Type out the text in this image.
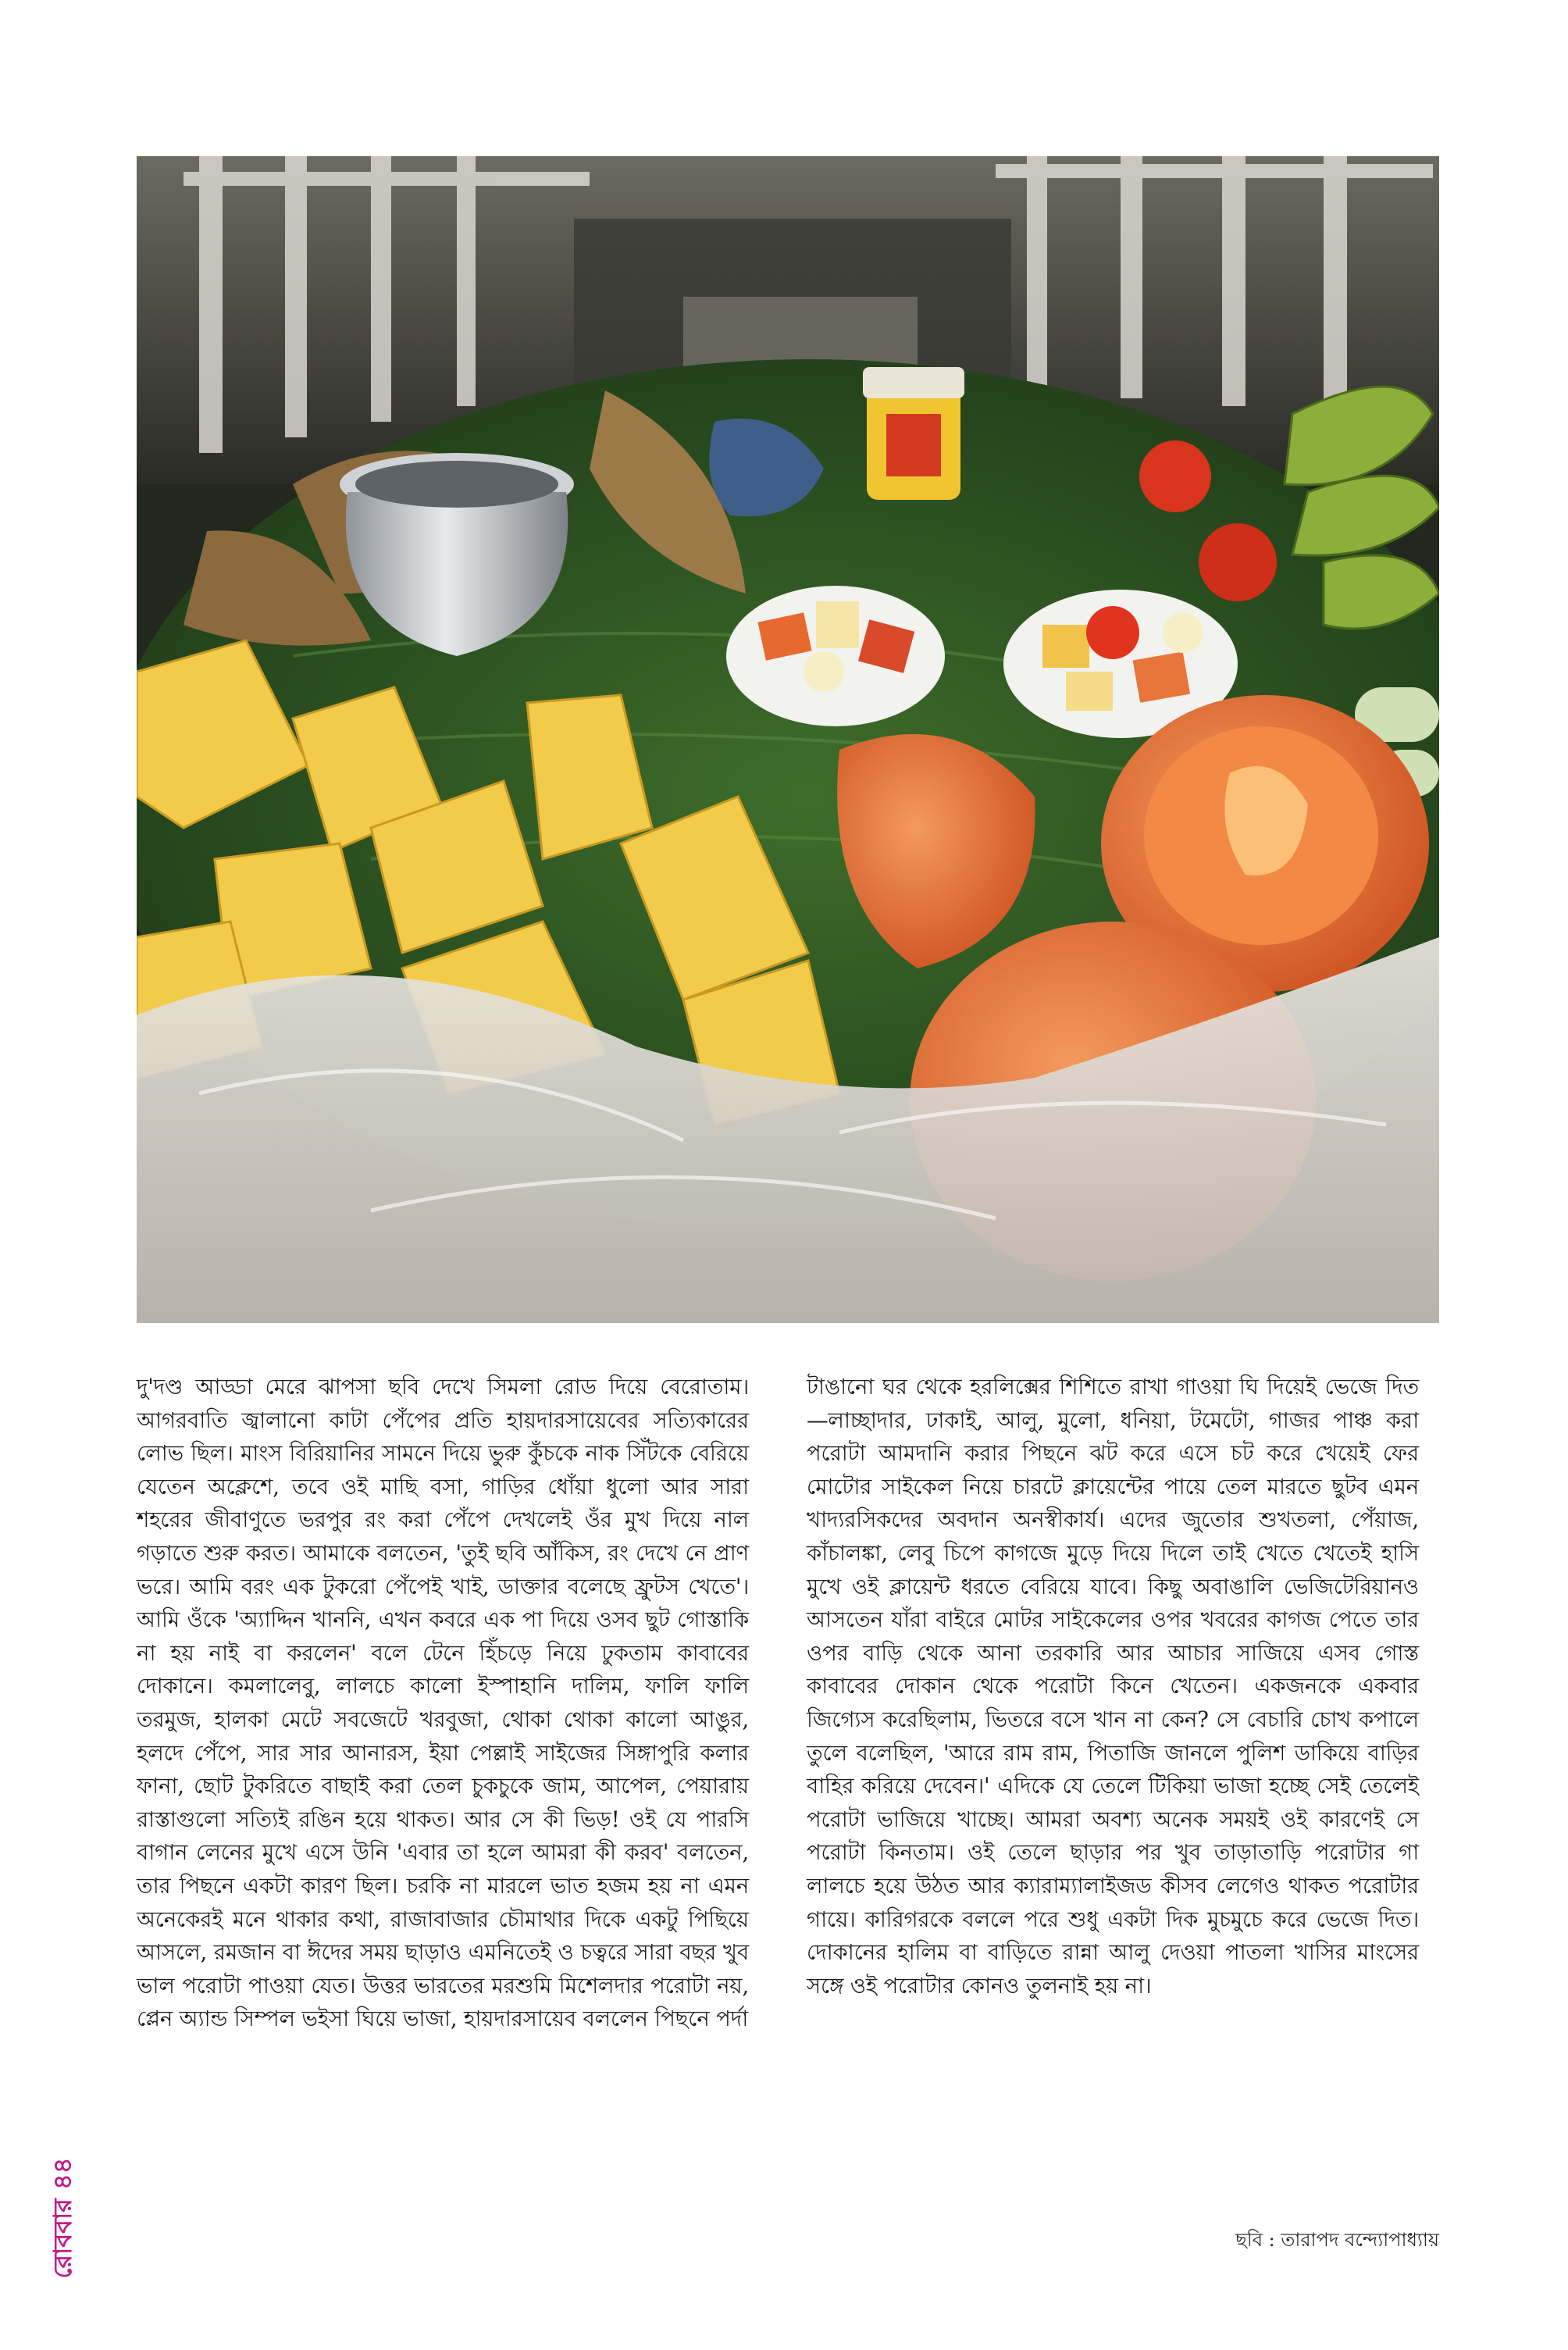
দু'দণ্ড আড্ডা মেরে ঝাপসা ছবি দেখে সিমলা রোড দিয়ে বেরোতাম। আগরবাতি জ্বালানো কাটা পেঁপের প্রতি হায়দারসায়েবের সত্যিকারের লোভ ছিল। মাংস বিরিয়ানির সামনে দিয়ে ভুরু কুঁচকে নাক সিঁটকে বেরিয়ে যেতেন অক্লেশে, তবে ওই মাছি বসা, গাড়ির ধোঁয়া ধুলো আর সারা শহরের জীবাণুতে ভরপুর রং করা পেঁপে দেখলেই ওঁর মুখ দিয়ে নাল গড়াতে শুরু করত। আমাকে বলতেন, 'তুই ছবি আঁকিস, রং দেখে নে প্রাণ ভরে। আমি বরং এক টুকরো পেঁপেই খাই, ডাক্তার বলেছে ফ্রুটস খেতে'। আমি ওঁকে 'অ্যাদ্দিন খাননি, এখন কবরে এক পা দিয়ে ওসব ছুট গোস্তাকি না হয় নাই বা করলেন' বলে টেনে হিঁচড়ে নিয়ে ঢুকতাম কাবাবের দোকানে। কমলালেবু, লালচে কালো ইস্পাহানি দালিম, ফালি ফালি তরমুজ, হালকা মেটে সবজেটে খরবুজা, থোকা থোকা কালো আঙুর, হলদে পেঁপে, সার সার আনারস, ইয়া পেল্লাই সাইজের সিঙ্গাপুরি কলার ফানা, ছোট টুকরিতে বাছাই করা তেল চুকচুকে জাম, আপেল, পেয়ারায় রাস্তাগুলো সত্যিই রঙিন হয়ে থাকত। আর সে কী ভিড়! ওই যে পারসি বাগান লেনের মুখে এসে উনি 'এবার তা হলে আমরা কী করব' বলতেন, তার পিছনে একটা কারণ ছিল। চরকি না মারলে ভাত হজম হয় না এমন অনেকেরই মনে থাকার কথা, রাজাবাজার চৌমাথার দিকে একটু পিছিয়ে আসলে, রমজান বা ঈদের সময় ছাড়াও এমনিতেই ও চত্বরে সারা বছর খুব ভাল পরোটা পাওয়া যেত। উত্তর ভারতের মরশুমি মিশেলদার পরোটা নয়, প্লেন অ্যান্ড সিম্পল ভইসা ঘিয়ে ভাজা, হায়দারসায়েব বললেন পিছনে পর্দা

টাঙানো ঘর থেকে হরলিক্সের শিশিতে রাখা গাওয়া ঘি দিয়েই ভেজে দিত—লাচ্ছাদার, ঢাকাই, আলু, মুলো, ধনিয়া, টমেটো, গাজর পাঞ্চ করা পরোটা আমদানি করার পিছনে ঝট করে এসে চট করে খেয়েই ফের মোটোর সাইকেল নিয়ে চারটে ক্লায়েন্টের পায়ে তেল মারতে ছুটব এমন খাদ্যরসিকদের অবদান অনস্বীকার্য। এদের জুতোর শুখতলা, পেঁয়াজ, কাঁচালঙ্কা, লেবু চিপে কাগজে মুড়ে দিয়ে দিলে তাই খেতে খেতেই হাসি মুখে ওই ক্লায়েন্ট ধরতে বেরিয়ে যাবে। কিছু অবাঙালি ভেজিটেরিয়ানও আসতেন যাঁরা বাইরে মোটর সাইকেলের ওপর খবরের কাগজ পেতে তার ওপর বাড়ি থেকে আনা তরকারি আর আচার সাজিয়ে এসব গোস্ত কাবাবের দোকান থেকে পরোটা কিনে খেতেন। একজনকে একবার জিগ্যেস করেছিলাম, ভিতরে বসে খান না কেন? সে বেচারি চোখ কপালে তুলে বলেছিল, 'আরে রাম রাম, পিতাজি জানলে পুলিশ ডাকিয়ে বাড়ির বাহির করিয়ে দেবেন।' এদিকে যে তেলে টিকিয়া ভাজা হচ্ছে সেই তেলেই পরোটা ভাজিয়ে খাচ্ছে। আমরা অবশ্য অনেক সময়ই ওই কারণেই সে পরোটা কিনতাম। ওই তেলে ছাড়ার পর খুব তাড়াতাড়ি পরোটার গা লালচে হয়ে উঠত আর ক্যারাম্যালাইজড কীসব লেগেও থাকত পরোটার গায়ে। কারিগরকে বললে পরে শুধু একটা দিক মুচমুচে করে ভেজে দিত। দোকানের হালিম বা বাড়িতে রান্না আলু দেওয়া পাতলা খাসির মাংসের সঙ্গে ওই পরোটার কোনও তুলনাই হয় না।

ছবি : তারাপদ বন্দ্যোপাধ্যায়
রোববার ৪৪
